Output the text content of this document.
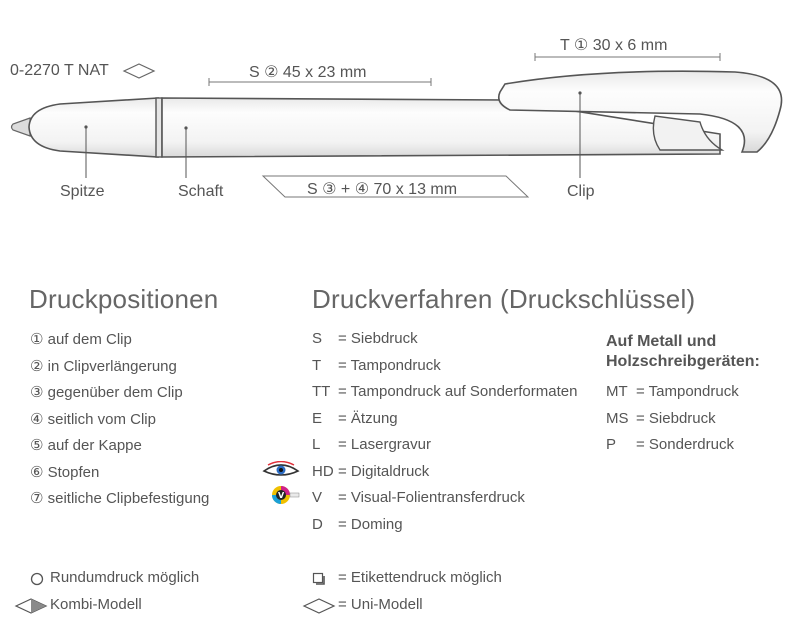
0-2270 T NAT
T ① 30 x 6 mm
S ② 45 x 23 mm
S ③ + ④ 70 x 13 mm
Spitze	Schaft	Clip
Druckpositionen	Druckverfahren (Druckschlüssel)
① auf dem Clip
② in Clipverlängerung
③ gegenüber dem Clip
④ seitlich vom Clip
⑤ auf der Kappe
⑥ Stopfen
⑦ seitliche Clipbefestigung
S = Siebdruck
T = Tampondruck
TT = Tampondruck auf Sonderformaten
E = Ätzung
L = Lasergravur
HD = Digitaldruck
V = Visual-Folientransferdruck
D = Doming
V
Auf Metall und
Holzschreibgeräten:
MT = Tampondruck
MS = Siebdruck
P = Sonderdruck
Rundumdruck möglich
Kombi-Modell
= Etikettendruck möglich
= Uni-Modell
